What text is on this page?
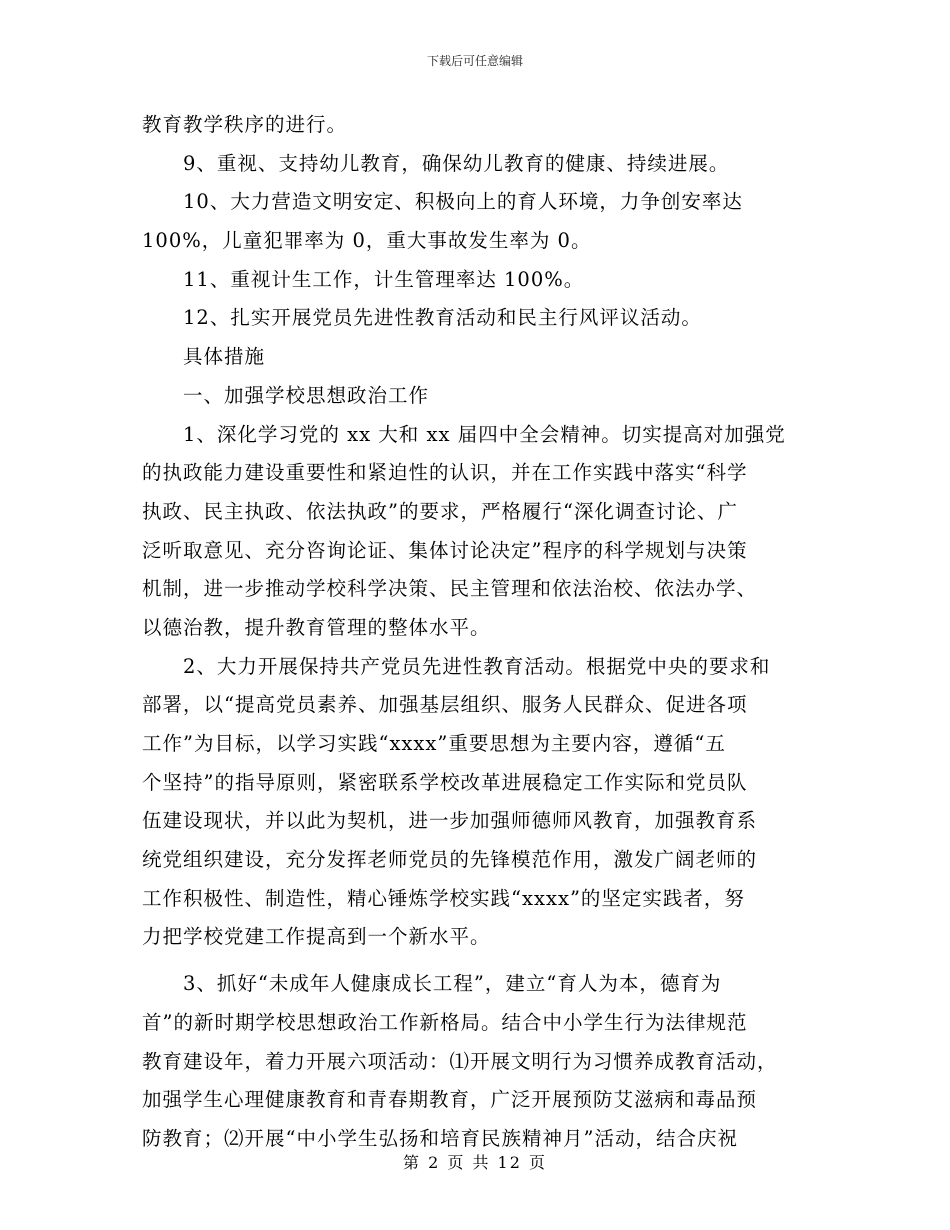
下载后可任意编辑
教育教学秩序的进行。
9、重视、支持幼儿教育，确保幼儿教育的健康、持续进展。
10、大力营造文明安定、积极向上的育人环境，力争创安率达
100%，儿童犯罪率为 0，重大事故发生率为 0。
11、重视计生工作，计生管理率达 100%。
12、扎实开展党员先进性教育活动和民主行风评议活动。
具体措施
一、加强学校思想政治工作
1、深化学习党的 xx 大和 xx 届四中全会精神。切实提高对加强党
的执政能力建设重要性和紧迫性的认识，并在工作实践中落实“科学
执政、民主执政、依法执政”的要求，严格履行“深化调查讨论、广
泛听取意见、充分咨询论证、集体讨论决定”程序的科学规划与决策
机制，进一步推动学校科学决策、民主管理和依法治校、依法办学、
以德治教，提升教育管理的整体水平。
2、大力开展保持共产党员先进性教育活动。根据党中央的要求和
部署，以“提高党员素养、加强基层组织、服务人民群众、促进各项
工作”为目标，以学习实践“xxxx”重要思想为主要内容，遵循“五
个坚持”的指导原则，紧密联系学校改革进展稳定工作实际和党员队
伍建设现状，并以此为契机，进一步加强师德师风教育，加强教育系
统党组织建设，充分发挥老师党员的先锋模范作用，激发广阔老师的
工作积极性、制造性，精心锤炼学校实践“xxxx”的坚定实践者，努
力把学校党建工作提高到一个新水平。
3、抓好“未成年人健康成长工程”，建立“育人为本，德育为
首”的新时期学校思想政治工作新格局。结合中小学生行为法律规范
教育建设年，着力开展六项活动：⑴开展文明行为习惯养成教育活动，
加强学生心理健康教育和青春期教育，广泛开展预防艾滋病和毒品预
防教育；⑵开展“中小学生弘扬和培育民族精神月”活动，结合庆祝
第 2 页 共 12 页
